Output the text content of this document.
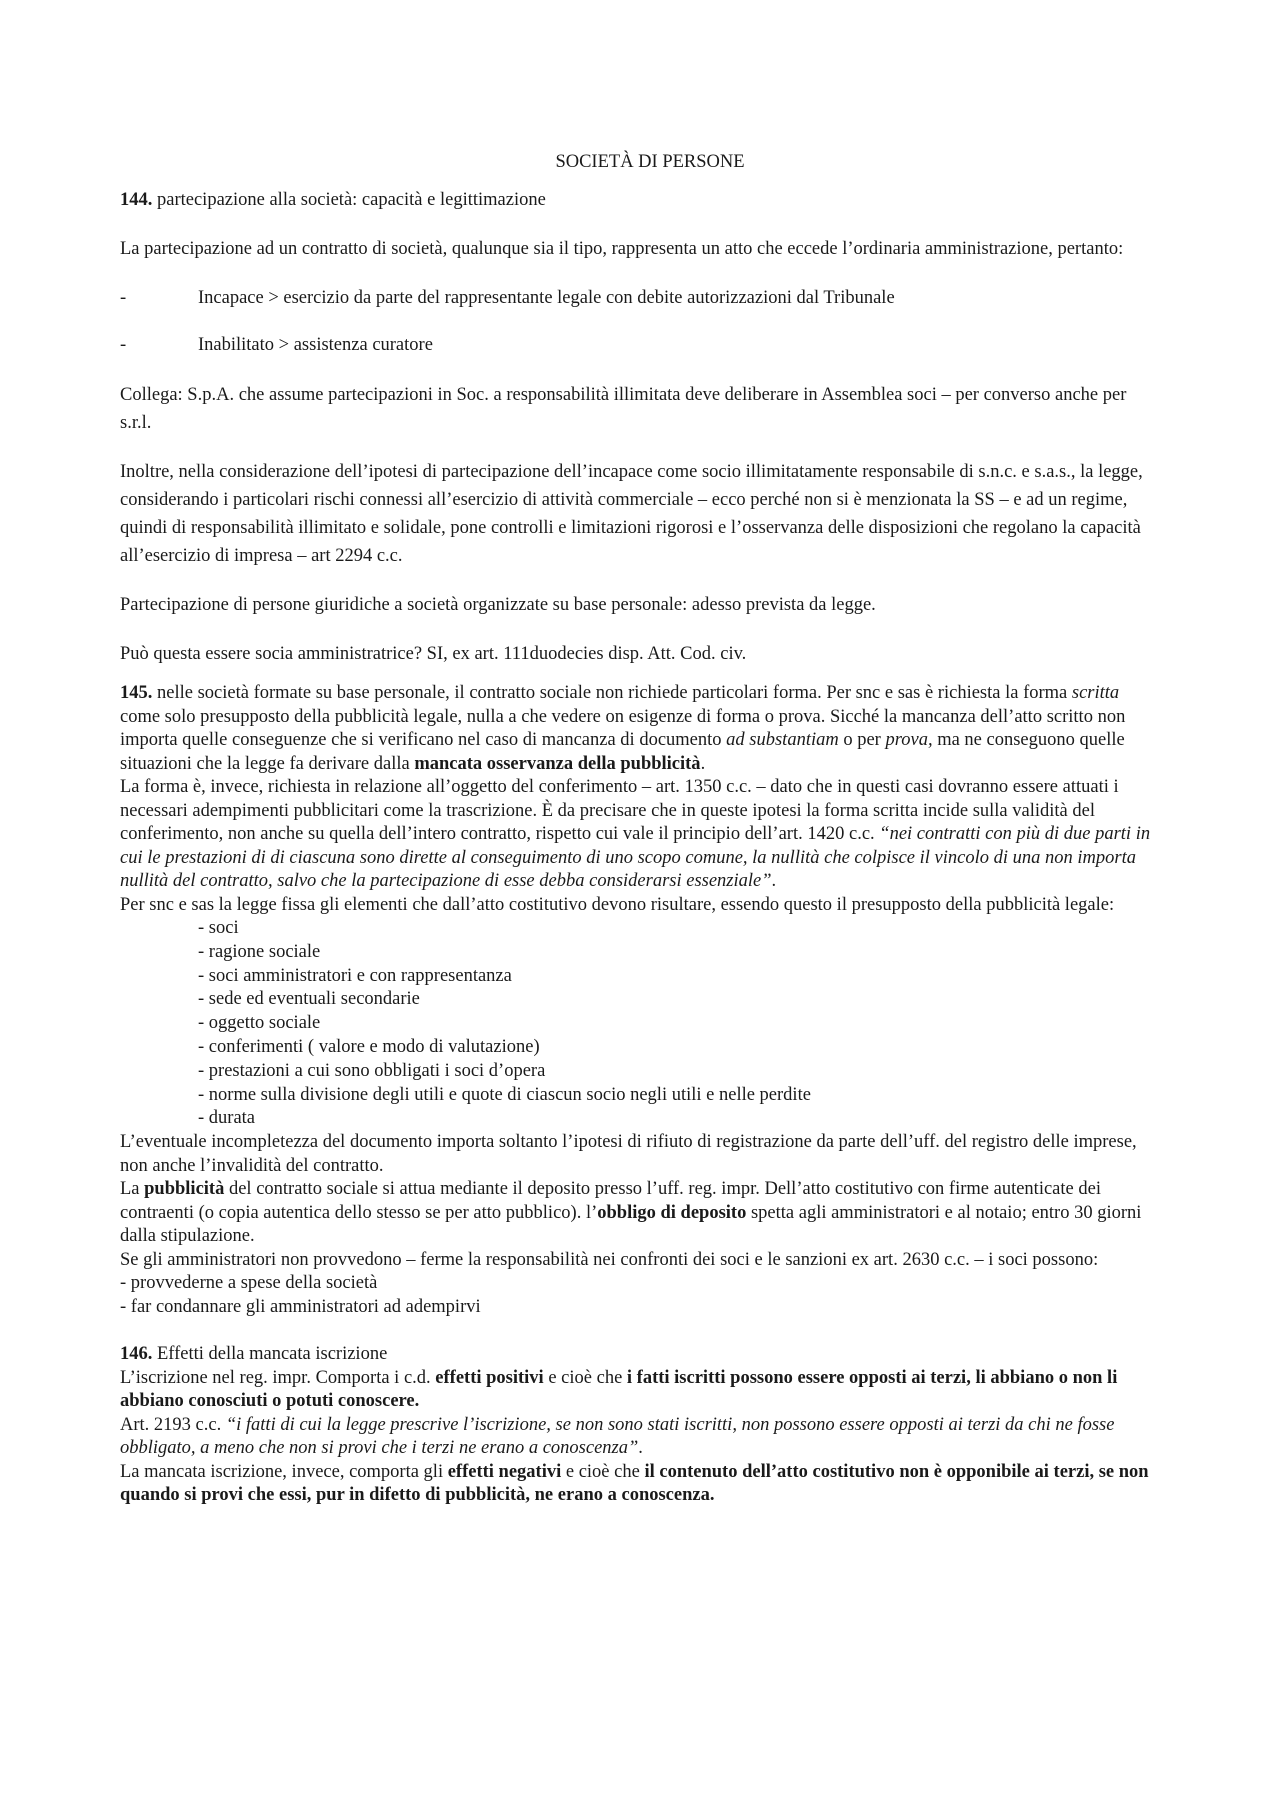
SOCIETÀ DI PERSONE

144. partecipazione alla società: capacità e legittimazione

La partecipazione ad un contratto di società, qualunque sia il tipo, rappresenta un atto che eccede l’ordinaria amministrazione, pertanto:

-	Incapace > esercizio da parte del rappresentante legale con debite autorizzazioni dal Tribunale
-	Inabilitato > assistenza curatore

Collega: S.p.A. che assume partecipazioni in Soc. a responsabilità illimitata deve deliberare in Assemblea soci – per converso anche per s.r.l.

Inoltre, nella considerazione dell’ipotesi di partecipazione dell’incapace come socio illimitatamente responsabile di s.n.c. e s.a.s., la legge, considerando i particolari rischi connessi all’esercizio di attività commerciale – ecco perché non si è menzionata la SS – e ad un regime, quindi di responsabilità illimitato e solidale, pone controlli e limitazioni rigorosi e l’osservanza delle disposizioni che regolano la capacità all’esercizio di impresa – art 2294 c.c.

Partecipazione di persone giuridiche a società organizzate su base personale: adesso prevista da legge.

Può questa essere socia amministratrice? SI, ex art. 111duodecies disp. Att. Cod. civ.

145. nelle società formate su base personale, il contratto sociale non richiede particolari forma. Per snc e sas è richiesta la forma scritta come solo presupposto della pubblicità legale, nulla a che vedere on esigenze di forma o prova. Sicché la mancanza dell’atto scritto non importa quelle conseguenze che si verificano nel caso di mancanza di documento ad substantiam o per prova, ma ne conseguono quelle situazioni che la legge fa derivare dalla mancata osservanza della pubblicità.

La forma è, invece, richiesta in relazione all’oggetto del conferimento – art. 1350 c.c. – dato che in questi casi dovranno essere attuati i necessari adempimenti pubblicitari come la trascrizione. È da precisare che in queste ipotesi la forma scritta incide sulla validità del conferimento, non anche su quella dell’intero contratto, rispetto cui vale il principio dell’art. 1420 c.c. “nei contratti con più di due parti in cui le prestazioni di di ciascuna sono dirette al conseguimento di uno scopo comune, la nullità che colpisce il vincolo di una non importa nullità del contratto, salvo che la partecipazione di esse debba considerarsi essenziale”.

Per snc e sas la legge fissa gli elementi che dall’atto costitutivo devono risultare, essendo questo il presupposto della pubblicità legale:

- soci
- ragione sociale
- soci amministratori e con rappresentanza
- sede ed eventuali secondarie
- oggetto sociale
- conferimenti ( valore e modo di valutazione)
- prestazioni a cui sono obbligati i soci d’opera
- norme sulla divisione degli utili e quote di ciascun socio negli utili e nelle perdite
- durata

L’eventuale incompletezza del documento importa soltanto l’ipotesi di rifiuto di registrazione da parte dell’uff. del registro delle imprese, non anche l’invalidità del contratto.

La pubblicità del contratto sociale si attua mediante il deposito presso l’uff. reg. impr. Dell’atto costitutivo con firme autenticate dei contraenti (o copia autentica dello stesso se per atto pubblico). l’obbligo di deposito spetta agli amministratori e al notaio; entro 30 giorni dalla stipulazione.

Se gli amministratori non provvedono – ferme la responsabilità nei confronti dei soci e le sanzioni ex art. 2630 c.c. – i soci possono:

- provvederne a spese della società
- far condannare gli amministratori ad adempirvi

146. Effetti della mancata iscrizione

L’iscrizione nel reg. impr. Comporta i c.d. effetti positivi e cioè che i fatti iscritti possono essere opposti ai terzi, li abbiano o non li abbiano conosciuti o potuti conoscere.

Art. 2193 c.c. “i fatti di cui la legge prescrive l’iscrizione, se non sono stati iscritti, non possono essere opposti ai terzi da chi ne fosse obbligato, a meno che non si provi che i terzi ne erano a conoscenza”.

La mancata iscrizione, invece, comporta gli effetti negativi e cioè che il contenuto dell’atto costitutivo non è opponibile ai terzi, se non quando si provi che essi, pur in difetto di pubblicità, ne erano a conoscenza.
